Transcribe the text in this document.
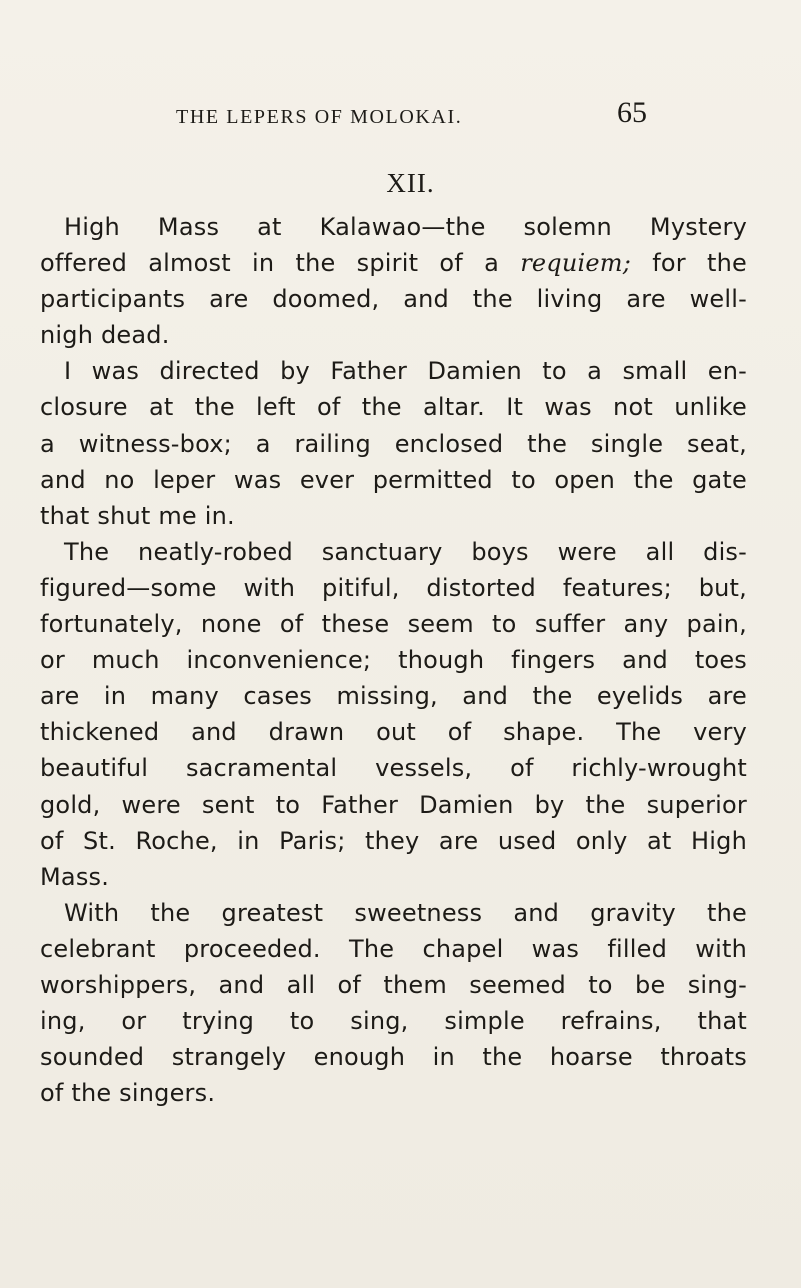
THE LEPERS OF MOLOKAI.	65
XII.
High Mass at Kalawao—the solemn Mystery
offered almost in the spirit of a requiem; for the
participants are doomed, and the living are well-
nigh dead.
I was directed by Father Damien to a small en-
closure at the left of the altar. It was not unlike
a witness-box; a railing enclosed the single seat,
and no leper was ever permitted to open the gate
that shut me in.
The neatly-robed sanctuary boys were all dis-
figured—some with pitiful, distorted features; but,
fortunately, none of these seem to suffer any pain,
or much inconvenience; though fingers and toes
are in many cases missing, and the eyelids are
thickened and drawn out of shape. The very
beautiful sacramental vessels, of richly-wrought
gold, were sent to Father Damien by the superior
of St. Roche, in Paris; they are used only at High
Mass.
With the greatest sweetness and gravity the
celebrant proceeded. The chapel was filled with
worshippers, and all of them seemed to be sing-
ing, or trying to sing, simple refrains, that
sounded strangely enough in the hoarse throats
of the singers.
